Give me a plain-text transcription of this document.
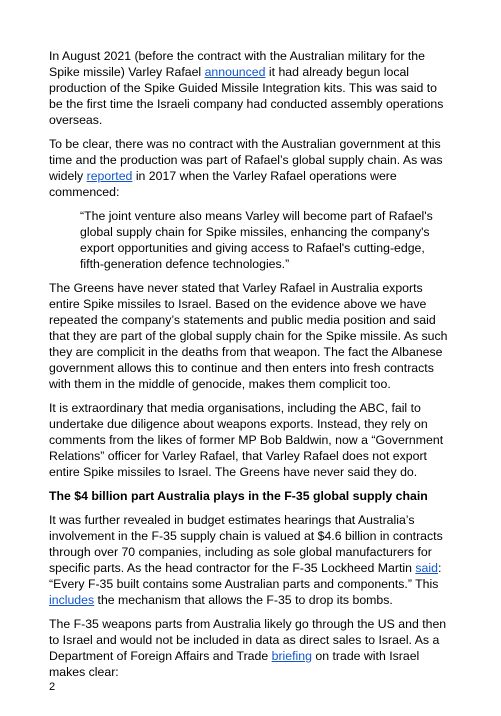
In August 2021 (before the contract with the Australian military for the Spike missile) Varley Rafael announced it had already begun local production of the Spike Guided Missile Integration kits. This was said to be the first time the Israeli company had conducted assembly operations overseas.

To be clear, there was no contract with the Australian government at this time and the production was part of Rafael’s global supply chain. As was widely reported in 2017 when the Varley Rafael operations were commenced:

“The joint venture also means Varley will become part of Rafael's global supply chain for Spike missiles, enhancing the company's export opportunities and giving access to Rafael's cutting-edge, fifth-generation defence technologies.”

The Greens have never stated that Varley Rafael in Australia exports entire Spike missiles to Israel. Based on the evidence above we have repeated the company’s statements and public media position and said that they are part of the global supply chain for the Spike missile. As such they are complicit in the deaths from that weapon. The fact the Albanese government allows this to continue and then enters into fresh contracts with them in the middle of genocide, makes them complicit too.

It is extraordinary that media organisations, including the ABC, fail to undertake due diligence about weapons exports. Instead, they rely on comments from the likes of former MP Bob Baldwin, now a “Government Relations” officer for Varley Rafael, that Varley Rafael does not export entire Spike missiles to Israel. The Greens have never said they do.

The $4 billion part Australia plays in the F-35 global supply chain

It was further revealed in budget estimates hearings that Australia’s involvement in the F-35 supply chain is valued at $4.6 billion in contracts through over 70 companies, including as sole global manufacturers for specific parts. As the head contractor for the F-35 Lockheed Martin said: “Every F-35 built contains some Australian parts and components.” This includes the mechanism that allows the F-35 to drop its bombs.

The F-35 weapons parts from Australia likely go through the US and then to Israel and would not be included in data as direct sales to Israel. As a Department of Foreign Affairs and Trade briefing on trade with Israel makes clear:

2
